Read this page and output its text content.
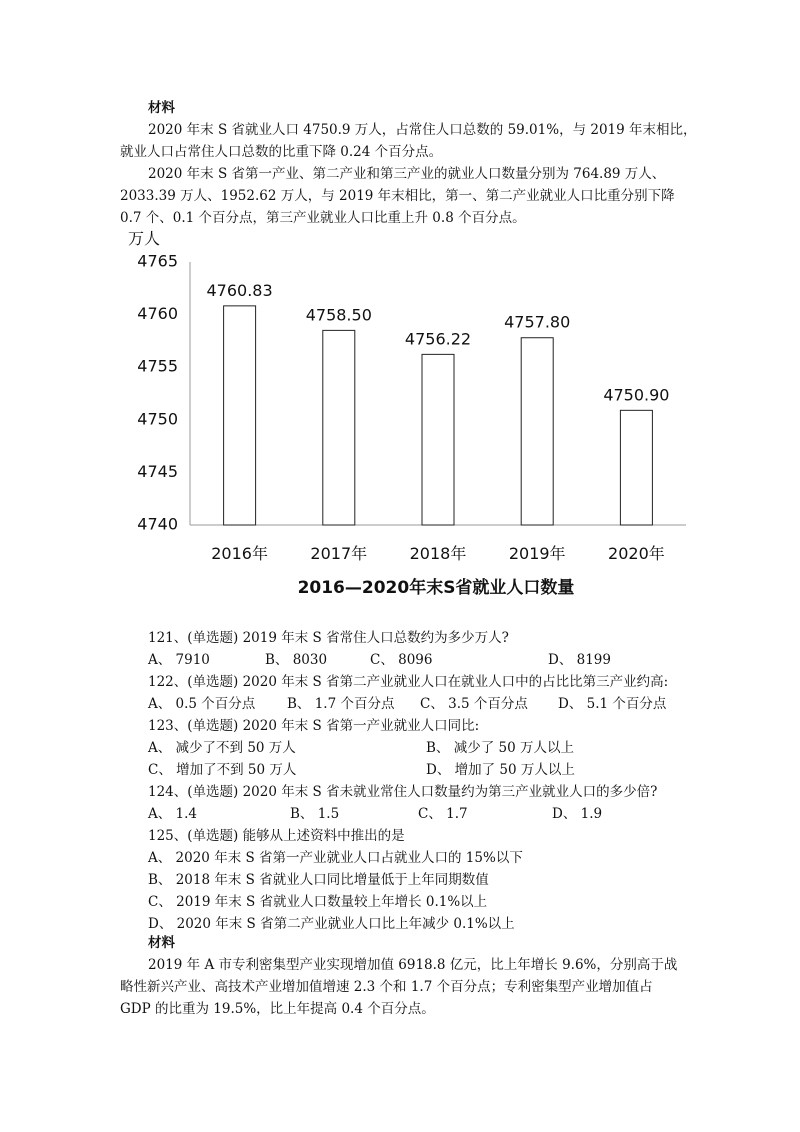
材料
2020 年末 S 省就业人口 4750.9 万人，占常住人口总数的 59.01%，与 2019 年末相比，
就业人口占常住人口总数的比重下降 0.24 个百分点。
2020 年末 S 省第一产业、第二产业和第三产业的就业人口数量分别为 764.89 万人、
2033.39 万人、1952.62 万人，与 2019 年末相比，第一、第二产业就业人口比重分别下降
0.7 个、0.1 个百分点，第三产业就业人口比重上升 0.8 个百分点。
万人
4765
4760
4755
4750
4745
4740
4760.83
4758.50
4756.22
4757.80
4750.90
2016年	2017年	2018年	2019年	2020年
2016—2020年末S省就业人口数量
121、(单选题) 2019 年末 S 省常住人口总数约为多少万人?
A、 7910	B、 8030	C、 8096	D、 8199
122、(单选题) 2020 年末 S 省第二产业就业人口在就业人口中的占比比第三产业约高:
A、 0.5 个百分点 B、 1.7 个百分点 C、 3.5 个百分点 D、 5.1 个百分点
123、(单选题) 2020 年末 S 省第一产业就业人口同比:
A、 减少了不到 50 万人	B、 减少了 50 万人以上
C、 增加了不到 50 万人	D、 增加了 50 万人以上
124、(单选题) 2020 年末 S 省未就业常住人口数量约为第三产业就业人口的多少倍?
A、 1.4	B、 1.5	C、 1.7	D、 1.9
125、(单选题) 能够从上述资料中推出的是
A、 2020 年末 S 省第一产业就业人口占就业人口的 15%以下
B、 2018 年末 S 省就业人口同比增量低于上年同期数值
C、 2019 年末 S 省就业人口数量较上年增长 0.1%以上
D、 2020 年末 S 省第二产业就业人口比上年减少 0.1%以上
材料
2019 年 A 市专利密集型产业实现增加值 6918.8 亿元，比上年增长 9.6%，分别高于战
略性新兴产业、高技术产业增加值增速 2.3 个和 1.7 个百分点；专利密集型产业增加值占
GDP 的比重为 19.5%，比上年提高 0.4 个百分点。
